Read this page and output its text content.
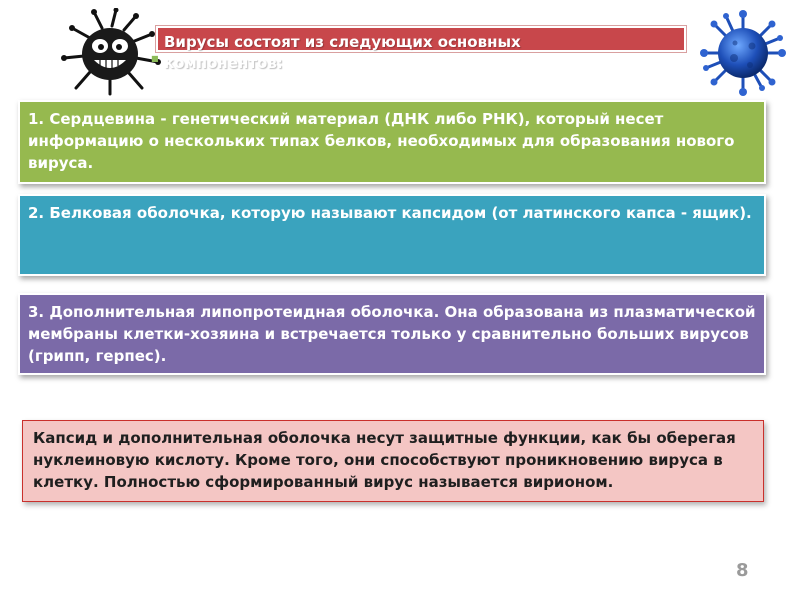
Вирусы состоят из следующих основных
компонентов:
■
1. Сердцевина - генетический материал (ДНК либо РНК), который несет информацию о нескольких типах белков, необходимых для образования нового вируса.
2. Белковая оболочка, которую называют капсидом (от латинского капса - ящик).
3. Дополнительная липопротеидная оболочка. Она образована из плазматической мембраны клетки-хозяина и встречается только у сравнительно больших вирусов (грипп, герпес).
Капсид и дополнительная оболочка несут защитные функции, как бы оберегая нуклеиновую кислоту. Кроме того, они способствуют проникновению вируса в клетку. Полностью сформированный вирус называется вирионом.
8
